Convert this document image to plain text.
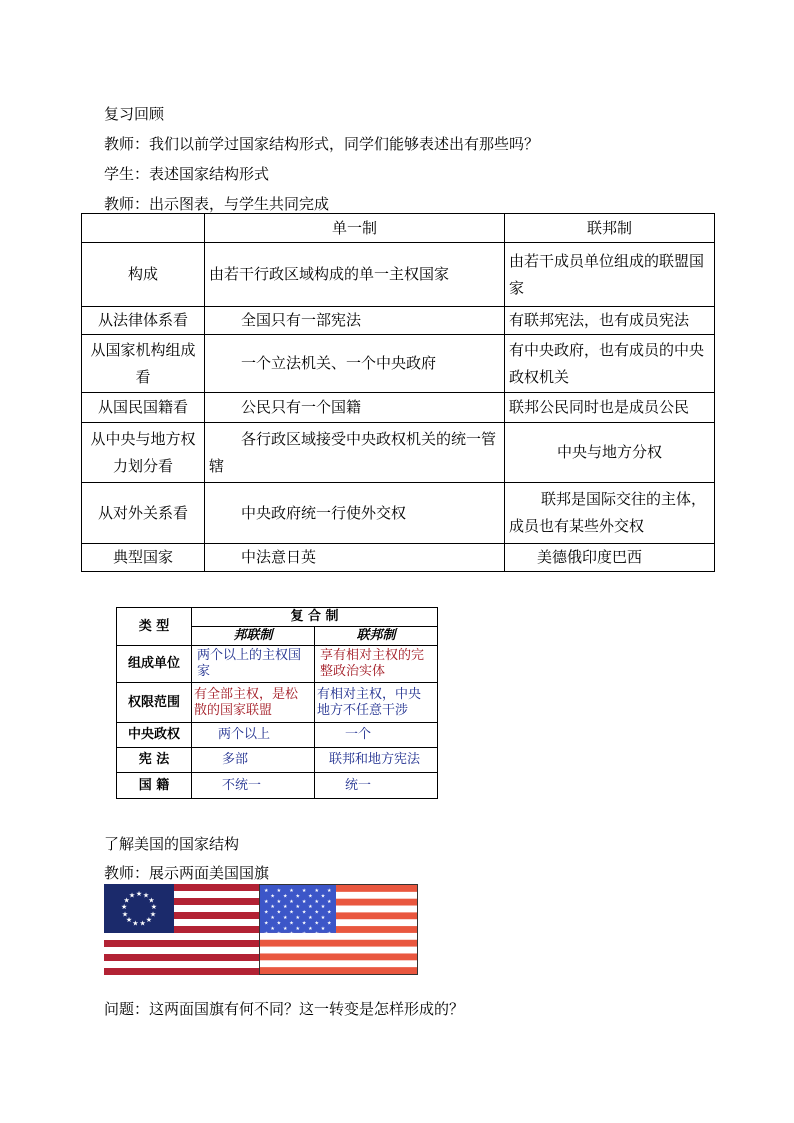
复习回顾
教师：我们以前学过国家结构形式，同学们能够表述出有那些吗？
学生：表述国家结构形式
教师：出示图表，与学生共同完成
	单一制	联邦制
构成	由若干行政区域构成的单一主权国家	由若干成员单位组成的联盟国家
从法律体系看	全国只有一部宪法	有联邦宪法，也有成员宪法
从国家机构组成看	一个立法机关、一个中央政府	有中央政府，也有成员的中央政权机关
从国民国籍看	公民只有一个国籍	联邦公民同时也是成员公民
从中央与地方权力划分看	各行政区域接受中央政权机关的统一管辖	中央与地方分权
从对外关系看	中央政府统一行使外交权	联邦是国际交往的主体，成员也有某些外交权
典型国家	中法意日英	美德俄印度巴西
类 型	复 合 制	
	邦联制	联邦制
组成单位	两个以上的主权国家	享有相对主权的完整政治实体
权限范围	有全部主权，是松散的国家联盟	有相对主权，中央地方不任意干涉
中央政权	两个以上	一个
宪 法	多部	联邦和地方宪法
国 籍	不统一	统一
了解美国的国家结构
教师：展示两面美国国旗
★ ★
★
★
★
★
★
★
★
★
★
★
★
★ ★ ★ ★ ★ ★
★ ★ ★ ★ ★
★ ★ ★ ★ ★ ★
★ ★ ★ ★ ★
★ ★ ★ ★ ★ ★
★ ★ ★ ★ ★
★ ★ ★ ★ ★ ★
★ ★ ★ ★ ★
★ ★ ★ ★ ★ ★
问题：这两面国旗有何不同？这一转变是怎样形成的？
